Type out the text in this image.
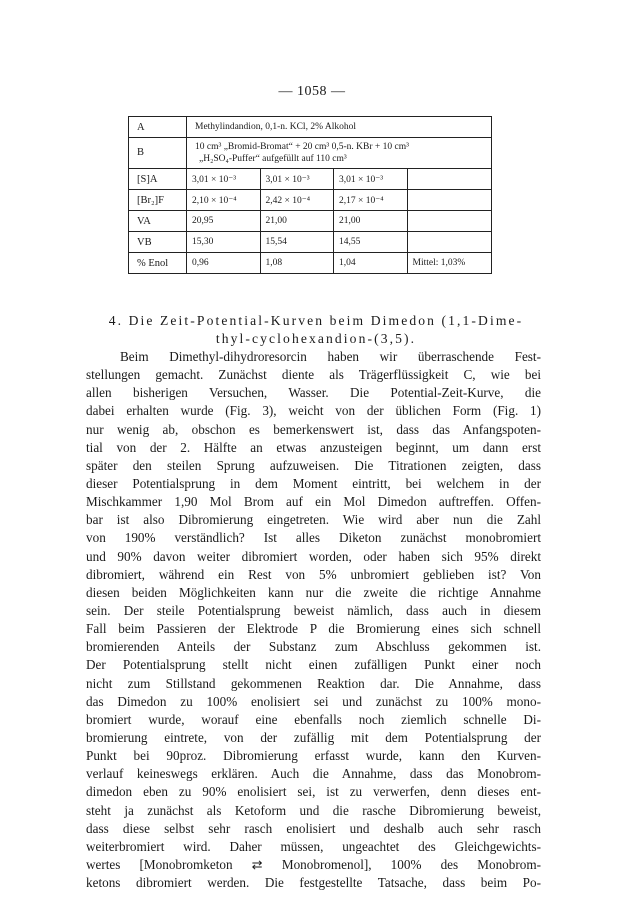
— 1058 —
A	Methylindandion, 0,1-n. KCl, 2% Alkohol			
B	10 cm³ „Bromid-Bromat“ + 20 cm³ 0,5-n. KBr + 10 cm³
„H₂SO₄-Puffer“ aufgefüllt auf 110 cm³			

[S]A	3,01 × 10⁻³	3,01 × 10⁻³	3,01 × 10⁻³	
[Br₂]F	2,10 × 10⁻⁴	2,42 × 10⁻⁴	2,17 × 10⁻⁴	
VA	20,95	21,00	21,00	
VB	15,30	15,54	14,55	
% Enol	0,96	1,08	1,04	Mittel: 1,03%
4. Die Zeit-Potential-Kurven beim Dimedon (1,1-Dime-
thyl-cyclohexandion-(3,5).
Beim Dimethyl-dihydroresorcin haben wir überraschende Fest-
stellungen gemacht. Zunächst diente als Trägerflüssigkeit C, wie bei
allen bisherigen Versuchen, Wasser. Die Potential-Zeit-Kurve, die
dabei erhalten wurde (Fig. 3), weicht von der üblichen Form (Fig. 1)
nur wenig ab, obschon es bemerkenswert ist, dass das Anfangspoten-
tial von der 2. Hälfte an etwas anzusteigen beginnt, um dann erst
später den steilen Sprung aufzuweisen. Die Titrationen zeigten, dass
dieser Potentialsprung in dem Moment eintritt, bei welchem in der
Mischkammer 1,90 Mol Brom auf ein Mol Dimedon auftreffen. Offen-
bar ist also Dibromierung eingetreten. Wie wird aber nun die Zahl
von 190% verständlich? Ist alles Diketon zunächst monobromiert
und 90% davon weiter dibromiert worden, oder haben sich 95% direkt
dibromiert, während ein Rest von 5% unbromiert geblieben ist? Von
diesen beiden Möglichkeiten kann nur die zweite die richtige Annahme
sein. Der steile Potentialsprung beweist nämlich, dass auch in diesem
Fall beim Passieren der Elektrode P die Bromierung eines sich schnell
bromierenden Anteils der Substanz zum Abschluss gekommen ist.
Der Potentialsprung stellt nicht einen zufälligen Punkt einer noch
nicht zum Stillstand gekommenen Reaktion dar. Die Annahme, dass
das Dimedon zu 100% enolisiert sei und zunächst zu 100% mono-
bromiert wurde, worauf eine ebenfalls noch ziemlich schnelle Di-
bromierung eintrete, von der zufällig mit dem Potentialsprung der
Punkt bei 90proz. Dibromierung erfasst wurde, kann den Kurven-
verlauf keineswegs erklären. Auch die Annahme, dass das Monobrom-
dimedon eben zu 90% enolisiert sei, ist zu verwerfen, denn dieses ent-
steht ja zunächst als Ketoform und die rasche Dibromierung beweist,
dass diese selbst sehr rasch enolisiert und deshalb auch sehr rasch
weiterbromiert wird. Daher müssen, ungeachtet des Gleichgewichts-
wertes [Monobromketon ⇄ Monobromenol], 100% des Monobrom-
ketons dibromiert werden. Die festgestellte Tatsache, dass beim Po-
